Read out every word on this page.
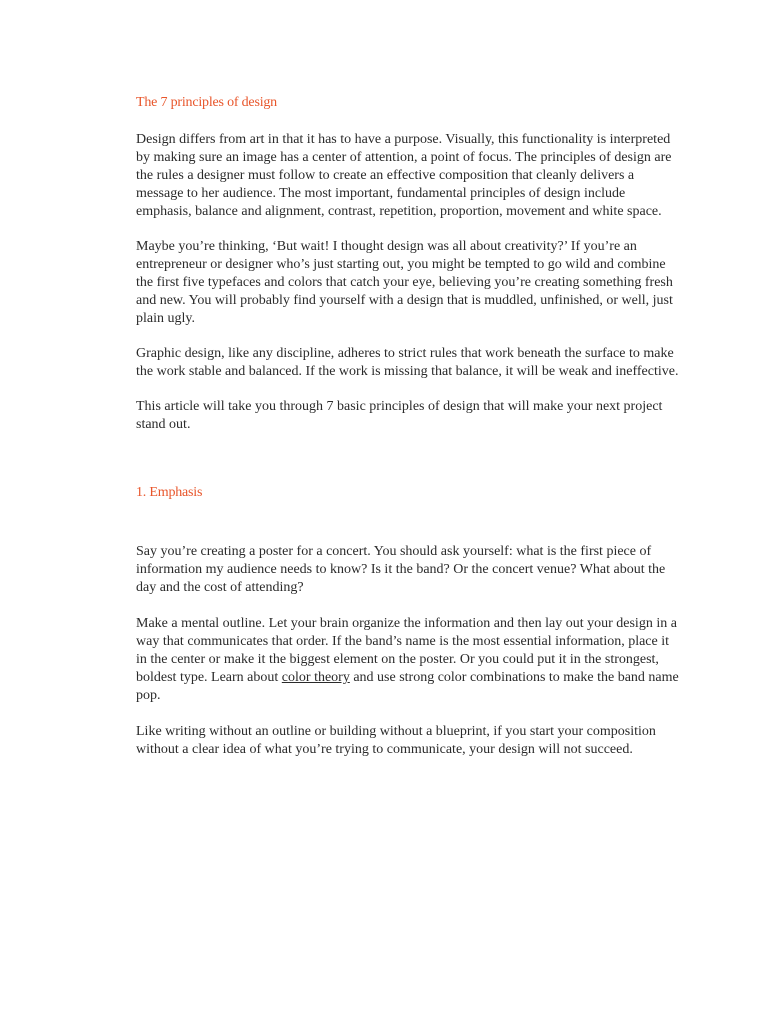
The 7 principles of design

Design differs from art in that it has to have a purpose. Visually, this functionality is interpreted by making sure an image has a center of attention, a point of focus. The principles of design are the rules a designer must follow to create an effective composition that cleanly delivers a message to her audience. The most important, fundamental principles of design include emphasis, balance and alignment, contrast, repetition, proportion, movement and white space.

Maybe you’re thinking, ‘But wait! I thought design was all about creativity?’ If you’re an entrepreneur or designer who’s just starting out, you might be tempted to go wild and combine the first five typefaces and colors that catch your eye, believing you’re creating something fresh and new. You will probably find yourself with a design that is muddled, unfinished, or well, just plain ugly.

Graphic design, like any discipline, adheres to strict rules that work beneath the surface to make the work stable and balanced. If the work is missing that balance, it will be weak and ineffective.

This article will take you through 7 basic principles of design that will make your next project stand out.

1. Emphasis

Say you’re creating a poster for a concert. You should ask yourself: what is the first piece of information my audience needs to know? Is it the band? Or the concert venue? What about the day and the cost of attending?

Make a mental outline. Let your brain organize the information and then lay out your design in a way that communicates that order. If the band’s name is the most essential information, place it in the center or make it the biggest element on the poster. Or you could put it in the strongest, boldest type. Learn about color theory and use strong color combinations to make the band name pop.

Like writing without an outline or building without a blueprint, if you start your composition without a clear idea of what you’re trying to communicate, your design will not succeed.
